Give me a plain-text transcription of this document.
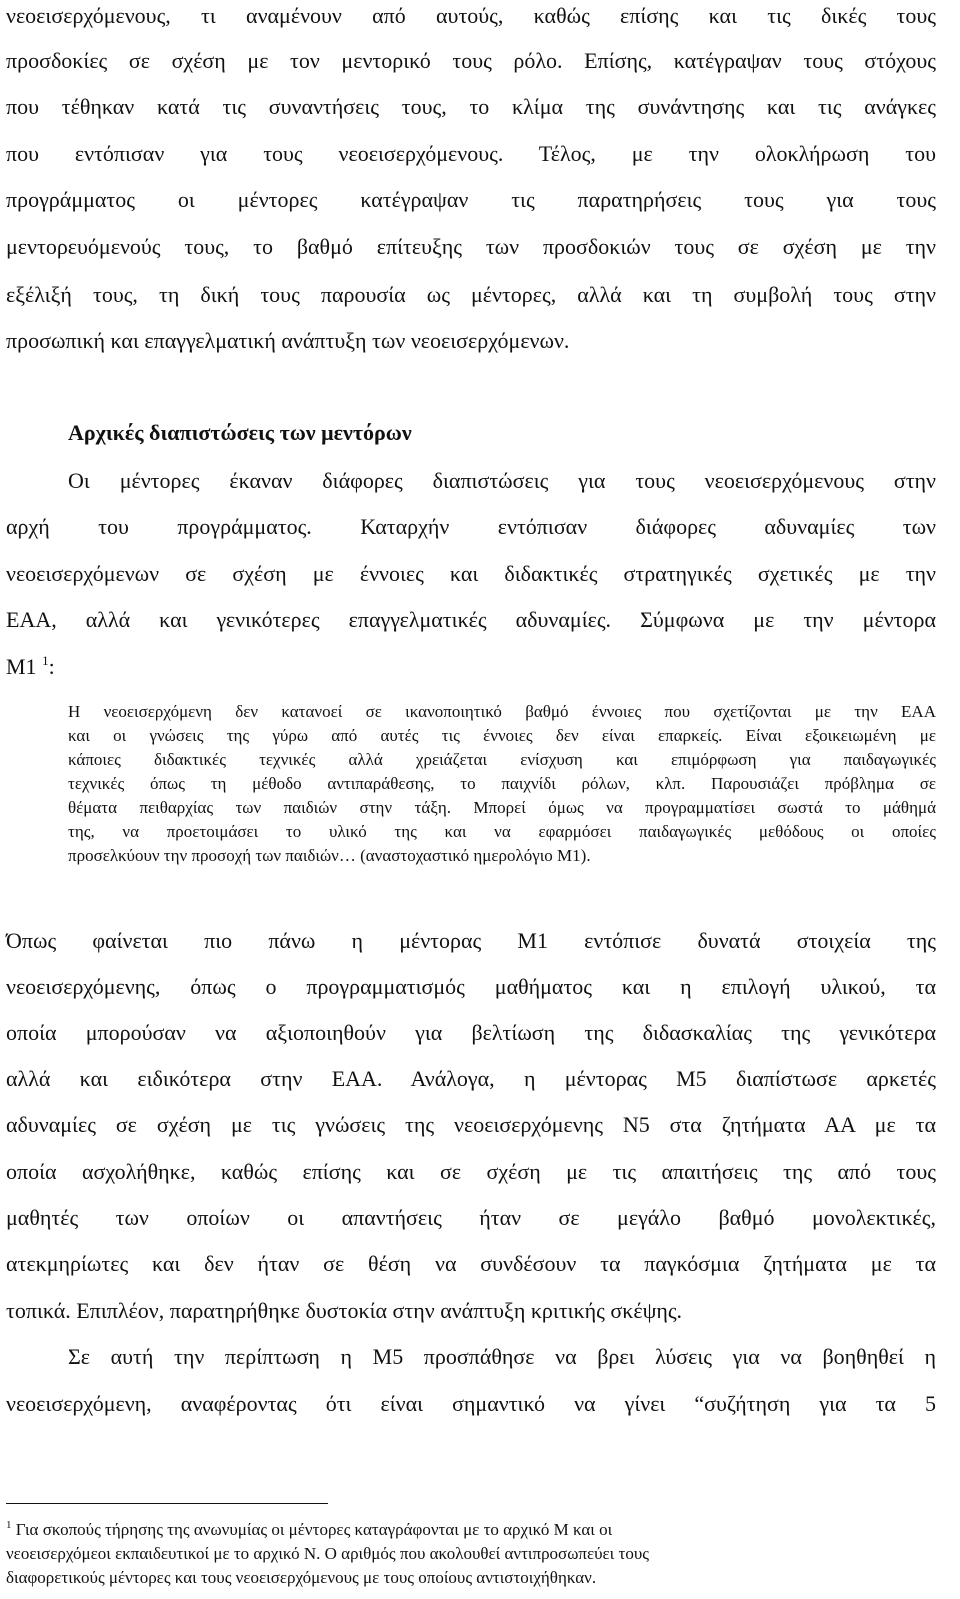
νεοεισερχόμενους, τι αναμένουν από αυτούς, καθώς επίσης και τις δικές τους
προσδοκίες σε σχέση με τον μεντορικό τους ρόλο. Επίσης, κατέγραψαν τους στόχους
που τέθηκαν κατά τις συναντήσεις τους, το κλίμα της συνάντησης και τις ανάγκες
που εντόπισαν για τους νεοεισερχόμενους. Τέλος, με την ολοκλήρωση του
προγράμματος οι μέντορες κατέγραψαν τις παρατηρήσεις τους για τους
μεντορευόμενούς τους, το βαθμό επίτευξης των προσδοκιών τους σε σχέση με την
εξέλιξή τους, τη δική τους παρουσία ως μέντορες, αλλά και τη συμβολή τους στην
προσωπική και επαγγελματική ανάπτυξη των νεοεισερχόμενων.
Αρχικές διαπιστώσεις των μεντόρων
Οι μέντορες έκαναν διάφορες διαπιστώσεις για τους νεοεισερχόμενους στην
αρχή του προγράμματος. Καταρχήν εντόπισαν διάφορες αδυναμίες των
νεοεισερχόμενων σε σχέση με έννοιες και διδακτικές στρατηγικές σχετικές με την
ΕΑΑ, αλλά και γενικότερες επαγγελματικές αδυναμίες. Σύμφωνα με την μέντορα
Μ1 $^1$:
Η νεοεισερχόμενη δεν κατανοεί σε ικανοποιητικό βαθμό έννοιες που σχετίζονται με την ΕΑΑ
και οι γνώσεις της γύρω από αυτές τις έννοιες δεν είναι επαρκείς. Είναι εξοικειωμένη με
κάποιες διδακτικές τεχνικές αλλά χρειάζεται ενίσχυση και επιμόρφωση για παιδαγωγικές
τεχνικές όπως τη μέθοδο αντιπαράθεσης, το παιχνίδι ρόλων, κλπ. Παρουσιάζει πρόβλημα σε
θέματα πειθαρχίας των παιδιών στην τάξη. Μπορεί όμως να προγραμματίσει σωστά το μάθημά
της, να προετοιμάσει το υλικό της και να εφαρμόσει παιδαγωγικές μεθόδους οι οποίες
προσελκύουν την προσοχή των παιδιών… (αναστοχαστικό ημερολόγιο Μ1).
Όπως φαίνεται πιο πάνω η μέντορας Μ1 εντόπισε δυνατά στοιχεία της
νεοεισερχόμενης, όπως ο προγραμματισμός μαθήματος και η επιλογή υλικού, τα
οποία μπορούσαν να αξιοποιηθούν για βελτίωση της διδασκαλίας της γενικότερα
αλλά και ειδικότερα στην ΕΑΑ. Ανάλογα, η μέντορας Μ5 διαπίστωσε αρκετές
αδυναμίες σε σχέση με τις γνώσεις της νεοεισερχόμενης Ν5 στα ζητήματα ΑΑ με τα
οποία ασχολήθηκε, καθώς επίσης και σε σχέση με τις απαιτήσεις της από τους
μαθητές των οποίων οι απαντήσεις ήταν σε μεγάλο βαθμό μονολεκτικές,
ατεκμηρίωτες και δεν ήταν σε θέση να συνδέσουν τα παγκόσμια ζητήματα με τα
τοπικά. Επιπλέον, παρατηρήθηκε δυστοκία στην ανάπτυξη κριτικής σκέψης.
Σε αυτή την περίπτωση η Μ5 προσπάθησε να βρει λύσεις για να βοηθηθεί η
νεοεισερχόμενη, αναφέροντας ότι είναι σημαντικό να γίνει “συζήτηση για τα 5
$^1$ Για σκοπούς τήρησης της ανωνυμίας οι μέντορες καταγράφονται με το αρχικό Μ και οι
νεοεισερχόμεοι εκπαιδευτικοί με το αρχικό Ν. Ο αριθμός που ακολουθεί αντιπροσωπεύει τους
διαφορετικούς μέντορες και τους νεοεισερχόμενους με τους οποίους αντιστοιχήθηκαν.
